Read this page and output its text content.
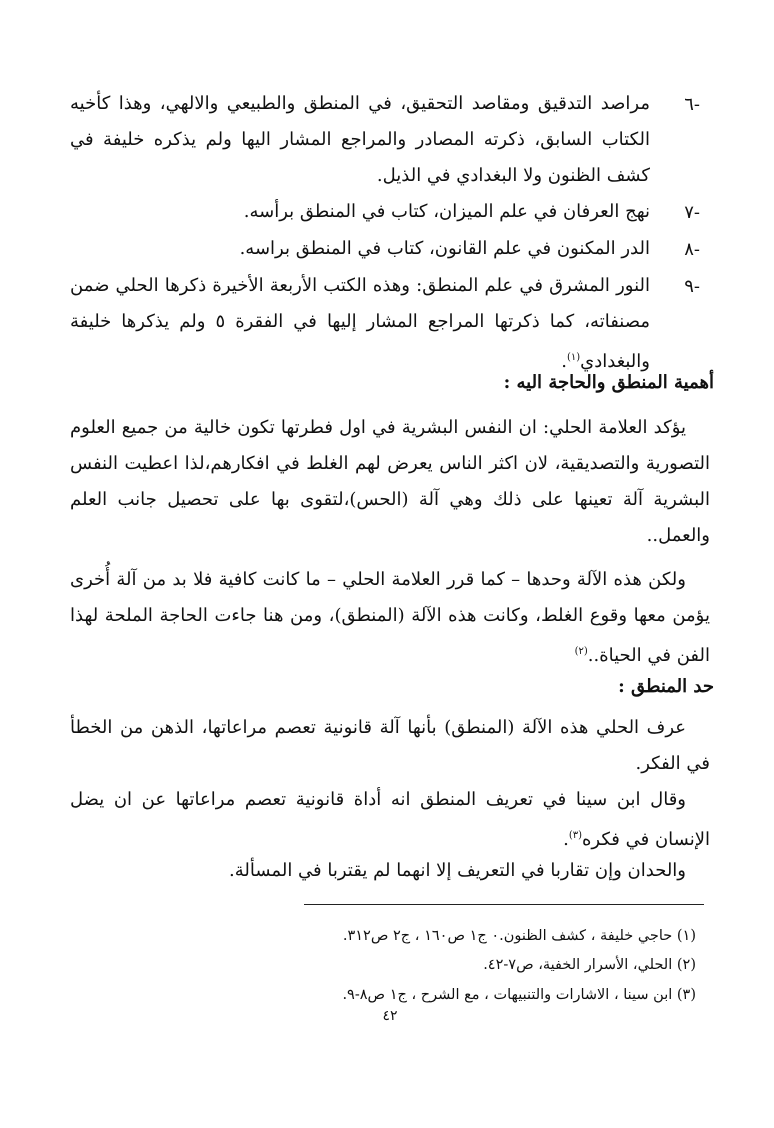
-٦
مراصد التدقيق ومقاصد التحقيق، في المنطق والطبيعي والالهي، وهذا كأخيه الكتاب السابق، ذكرته المصادر والمراجع المشار اليها ولم يذكره خليفة في كشف الظنون ولا البغدادي في الذيل.
-٧
نهج العرفان في علم الميزان، كتاب في المنطق برأسه.
-٨
الدر المكنون في علم القانون، كتاب في المنطق براسه.
-٩
النور المشرق في علم المنطق: وهذه الكتب الأربعة الأخيرة ذكرها الحلي ضمن مصنفاته، كما ذكرتها المراجع المشار إليها في الفقرة ٥ ولم يذكرها خليفة والبغدادي$^{(١)}$.
أهمية المنطق والحاجة اليه :
يؤكد العلامة الحلي: ان النفس البشرية في اول فطرتها تكون خالية من جميع العلوم التصورية والتصديقية، لان اكثر الناس يعرض لهم الغلط في افكارهم،لذا اعطيت النفس البشرية آلة تعينها على ذلك وهي آلة (الحس)،لتقوى بها على تحصيل جانب العلم والعمل..
ولكن هذه الآلة وحدها – كما قرر العلامة الحلي – ما كانت كافية فلا بد من آلة أُخرى يؤمن معها وقوع الغلط، وكانت هذه الآلة (المنطق)، ومن هنا جاءت الحاجة الملحة لهذا الفن في الحياة..$^{(٢)}$
حد المنطق :
عرف الحلي هذه الآلة (المنطق) بأنها آلة قانونية تعصم مراعاتها، الذهن من الخطأ في الفكر.
وقال ابن سينا في تعريف المنطق انه أداة قانونية تعصم مراعاتها عن ان يضل الإنسان في فكره$^{(٣)}$.
والحدان وإن تقاربا في التعريف إلا انهما لم يقتربا في المسألة.
(١) حاجي خليفة ، كشف الظنون.٠ ج١ ص١٦٠ ، ج٢ ص٣١٢.
(٢) الحلي، الأسرار الخفية، ص٧-٤٢.
(٣) ابن سينا ، الاشارات والتنبيهات ، مع الشرح ، ج١ ص٨-٩.
٤٢
